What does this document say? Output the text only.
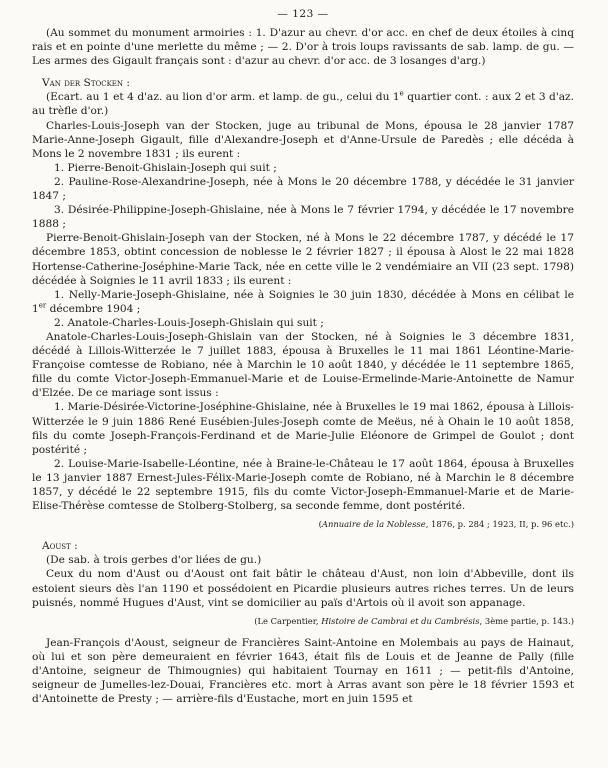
— 123 —

(Au sommet du monument armoiries : 1. D'azur au chevr. d'or acc. en chef de deux étoiles à cinq rais et en pointe d'une merlette du même ; — 2. D'or à trois loups ravissants de sab. lamp. de gu. — Les armes des Gigault français sont : d'azur au chevr. d'or acc. de 3 losanges d'arg.)

Van der Stocken :

(Ecart. au 1 et 4 d'az. au lion d'or arm. et lamp. de gu., celui du 1e quartier cont. : aux 2 et 3 d'az. au trèfle d'or.)

Charles-Louis-Joseph van der Stocken, juge au tribunal de Mons, épousa le 28 janvier 1787 Marie-Anne-Joseph Gigault, fille d'Alexandre-Joseph et d'Anne-Ursule de Paredès ; elle décéda à Mons le 2 novembre 1831 ; ils eurent :

1. Pierre-Benoit-Ghislain-Joseph qui suit ;

2. Pauline-Rose-Alexandrine-Joseph, née à Mons le 20 décembre 1788, y décédée le 31 janvier 1847 ;

3. Désirée-Philippine-Joseph-Ghislaine, née à Mons le 7 février 1794, y décédée le 17 novembre 1888 ;

Pierre-Benoit-Ghislain-Joseph van der Stocken, né à Mons le 22 décembre 1787, y décédé le 17 décembre 1853, obtint concession de noblesse le 2 février 1827 ; il épousa à Alost le 22 mai 1828 Hortense-Catherine-Joséphine-Marie Tack, née en cette ville le 2 vendémiaire an VII (23 sept. 1798) décédée à Soignies le 11 avril 1833 ; ils eurent :

1. Nelly-Marie-Joseph-Ghislaine, née à Soignies le 30 juin 1830, décédée à Mons en célibat le 1er décembre 1904 ;

2. Anatole-Charles-Louis-Joseph-Ghislain qui suit ;

Anatole-Charles-Louis-Joseph-Ghislain van der Stocken, né à Soignies le 3 décembre 1831, décédé à Lillois-Witterzée le 7 juillet 1883, épousa à Bruxelles le 11 mai 1861 Léontine-Marie-Françoise comtesse de Robiano, née à Marchin le 10 août 1840, y décédée le 11 septembre 1865, fille du comte Victor-Joseph-Emmanuel-Marie et de Louise-Ermelinde-Marie-Antoinette de Namur d'Elzée. De ce mariage sont issus :

1. Marie-Désirée-Victorine-Joséphine-Ghislaine, née à Bruxelles le 19 mai 1862, épousa à Lillois-Witterzée le 9 juin 1886 René Eusébien-Jules-Joseph comte de Meëus, né à Ohain le 10 août 1858, fils du comte Joseph-François-Ferdinand et de Marie-Julie Eléonore de Grimpel de Goulot ; dont postérité ;

2. Louise-Marie-Isabelle-Léontine, née à Braine-le-Château le 17 août 1864, épousa à Bruxelles le 13 janvier 1887 Ernest-Jules-Félix-Marie-Joseph comte de Robiano, né à Marchin le 8 décembre 1857, y décédé le 22 septembre 1915, fils du comte Victor-Joseph-Emmanuel-Marie et de Marie-Elise-Thérèse comtesse de Stolberg-Stolberg, sa seconde femme, dont postérité.

(Annuaire de la Noblesse, 1876, p. 284 ; 1923, II, p. 96 etc.)

Aoust :

(De sab. à trois gerbes d'or liées de gu.)

Ceux du nom d'Aust ou d'Aoust ont fait bâtir le château d'Aust, non loin d'Abbeville, dont ils estoient sieurs dès l'an 1190 et possédoient en Picardie plusieurs autres riches terres. Un de leurs puisnés, nommé Hugues d'Aust, vint se domicilier au païs d'Artois où il avoit son appanage.

(Le Carpentier, Histoire de Cambrai et du Cambrésis, 3ème partie, p. 143.)

Jean-François d'Aoust, seigneur de Francières Saint-Antoine en Molembais au pays de Hainaut, où lui et son père demeuraient en février 1643, était fils de Louis et de Jeanne de Pally (fille d'Antoine, seigneur de Thimougnies) qui habitaient Tournay en 1611 ; — petit-fils d'Antoine, seigneur de Jumelles-lez-Douai, Francières etc. mort à Arras avant son père le 18 février 1593 et d'Antoinette de Presty ; — arrière-fils d'Eustache, mort en juin 1595 et
